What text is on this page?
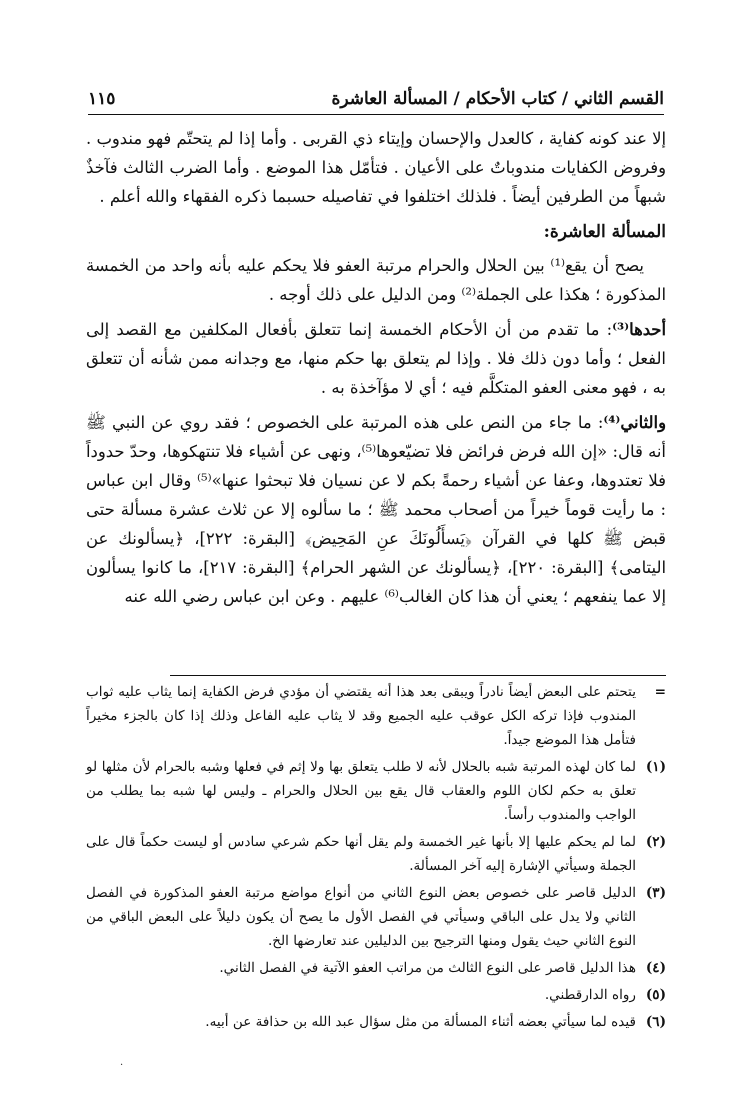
القسم الثاني / كتاب الأحكام / المسألة العاشرة
١١٥

إلا عند كونه كفاية ، كالعدل والإحسان وإيتاء ذي القربى . وأما إذا لم يتحتّم فهو مندوب . وفروض الكفايات مندوباتٌ على الأعيان . فتأمّل هذا الموضع . وأما الضرب الثالث فآخذٌ شبهاً من الطرفين أيضاً . فلذلك اختلفوا في تفاصيله حسبما ذكره الفقهاء والله أعلم .

المسألة العاشرة:

يصح أن يقع⁽¹⁾ بين الحلال والحرام مرتبة العفو فلا يحكم عليه بأنه واحد من الخمسة المذكورة ؛ هكذا على الجملة⁽²⁾ ومن الدليل على ذلك أوجه .

أحدها⁽³⁾: ما تقدم من أن الأحكام الخمسة إنما تتعلق بأفعال المكلفين مع القصد إلى الفعل ؛ وأما دون ذلك فلا . وإذا لم يتعلق بها حكم منها، مع وجدانه ممن شأنه أن تتعلق به ، فهو معنى العفو المتكلَّم فيه ؛ أي لا مؤآخذة به .

والثاني⁽⁴⁾: ما جاء من النص على هذه المرتبة على الخصوص ؛ فقد روي عن النبي ﷺ أنه قال: «إن الله فرض فرائض فلا تضيّعوها⁽⁵⁾، ونهى عن أشياء فلا تنتهكوها، وحدّ حدوداً فلا تعتدوها، وعفا عن أشياء رحمةً بكم لا عن نسيان فلا تبحثوا عنها»⁽⁵⁾ وقال ابن عباس : ما رأيت قوماً خيراً من أصحاب محمد ﷺ ؛ ما سألوه إلا عن ثلاث عشرة مسألة حتى قبض ﷺ كلها في القرآن ﴿يَسأَلُونَكَ عنِ المَحِيض﴾ [البقرة: ٢٢٢]، ﴿يسألونك عن اليتامى﴾ [البقرة: ٢٢٠]، ﴿يسألونك عن الشهر الحرام﴾ [البقرة: ٢١٧]، ما كانوا يسألون إلا عما ينفعهم ؛ يعني أن هذا كان الغالب⁽⁶⁾ عليهم . وعن ابن عباس رضي الله عنه

=
يتحتم على البعض أيضاً نادراً ويبقى بعد هذا أنه يقتضي أن مؤدي فرض الكفاية إنما يثاب عليه ثواب المندوب فإذا تركه الكل عوقب عليه الجميع وقد لا يثاب عليه الفاعل وذلك إذا كان بالجزء مخيراً فتأمل هذا الموضع جيداً.
(١)
لما كان لهذه المرتبة شبه بالحلال لأنه لا طلب يتعلق بها ولا إثم في فعلها وشبه بالحرام لأن مثلها لو تعلق به حكم لكان اللوم والعقاب قال يقع بين الحلال والحرام ـ وليس لها شبه بما يطلب من الواجب والمندوب رأساً.
(٢)
لما لم يحكم عليها إلا بأنها غير الخمسة ولم يقل أنها حكم شرعي سادس أو ليست حكماً قال على الجملة وسيأتي الإشارة إليه آخر المسألة.
(٣)
الدليل قاصر على خصوص بعض النوع الثاني من أنواع مواضع مرتبة العفو المذكورة في الفصل الثاني ولا يدل على الباقي وسيأتي في الفصل الأول ما يصح أن يكون دليلاً على البعض الباقي من النوع الثاني حيث يقول ومنها الترجيح بين الدليلين عند تعارضها الخ.
(٤)
هذا الدليل قاصر على النوع الثالث من مراتب العفو الآتية في الفصل الثاني.
(٥)
رواه الدارقطني.
(٦)
قيده لما سيأتي بعضه أثناء المسألة من مثل سؤال عبد الله بن حذافة عن أبيه.
·
